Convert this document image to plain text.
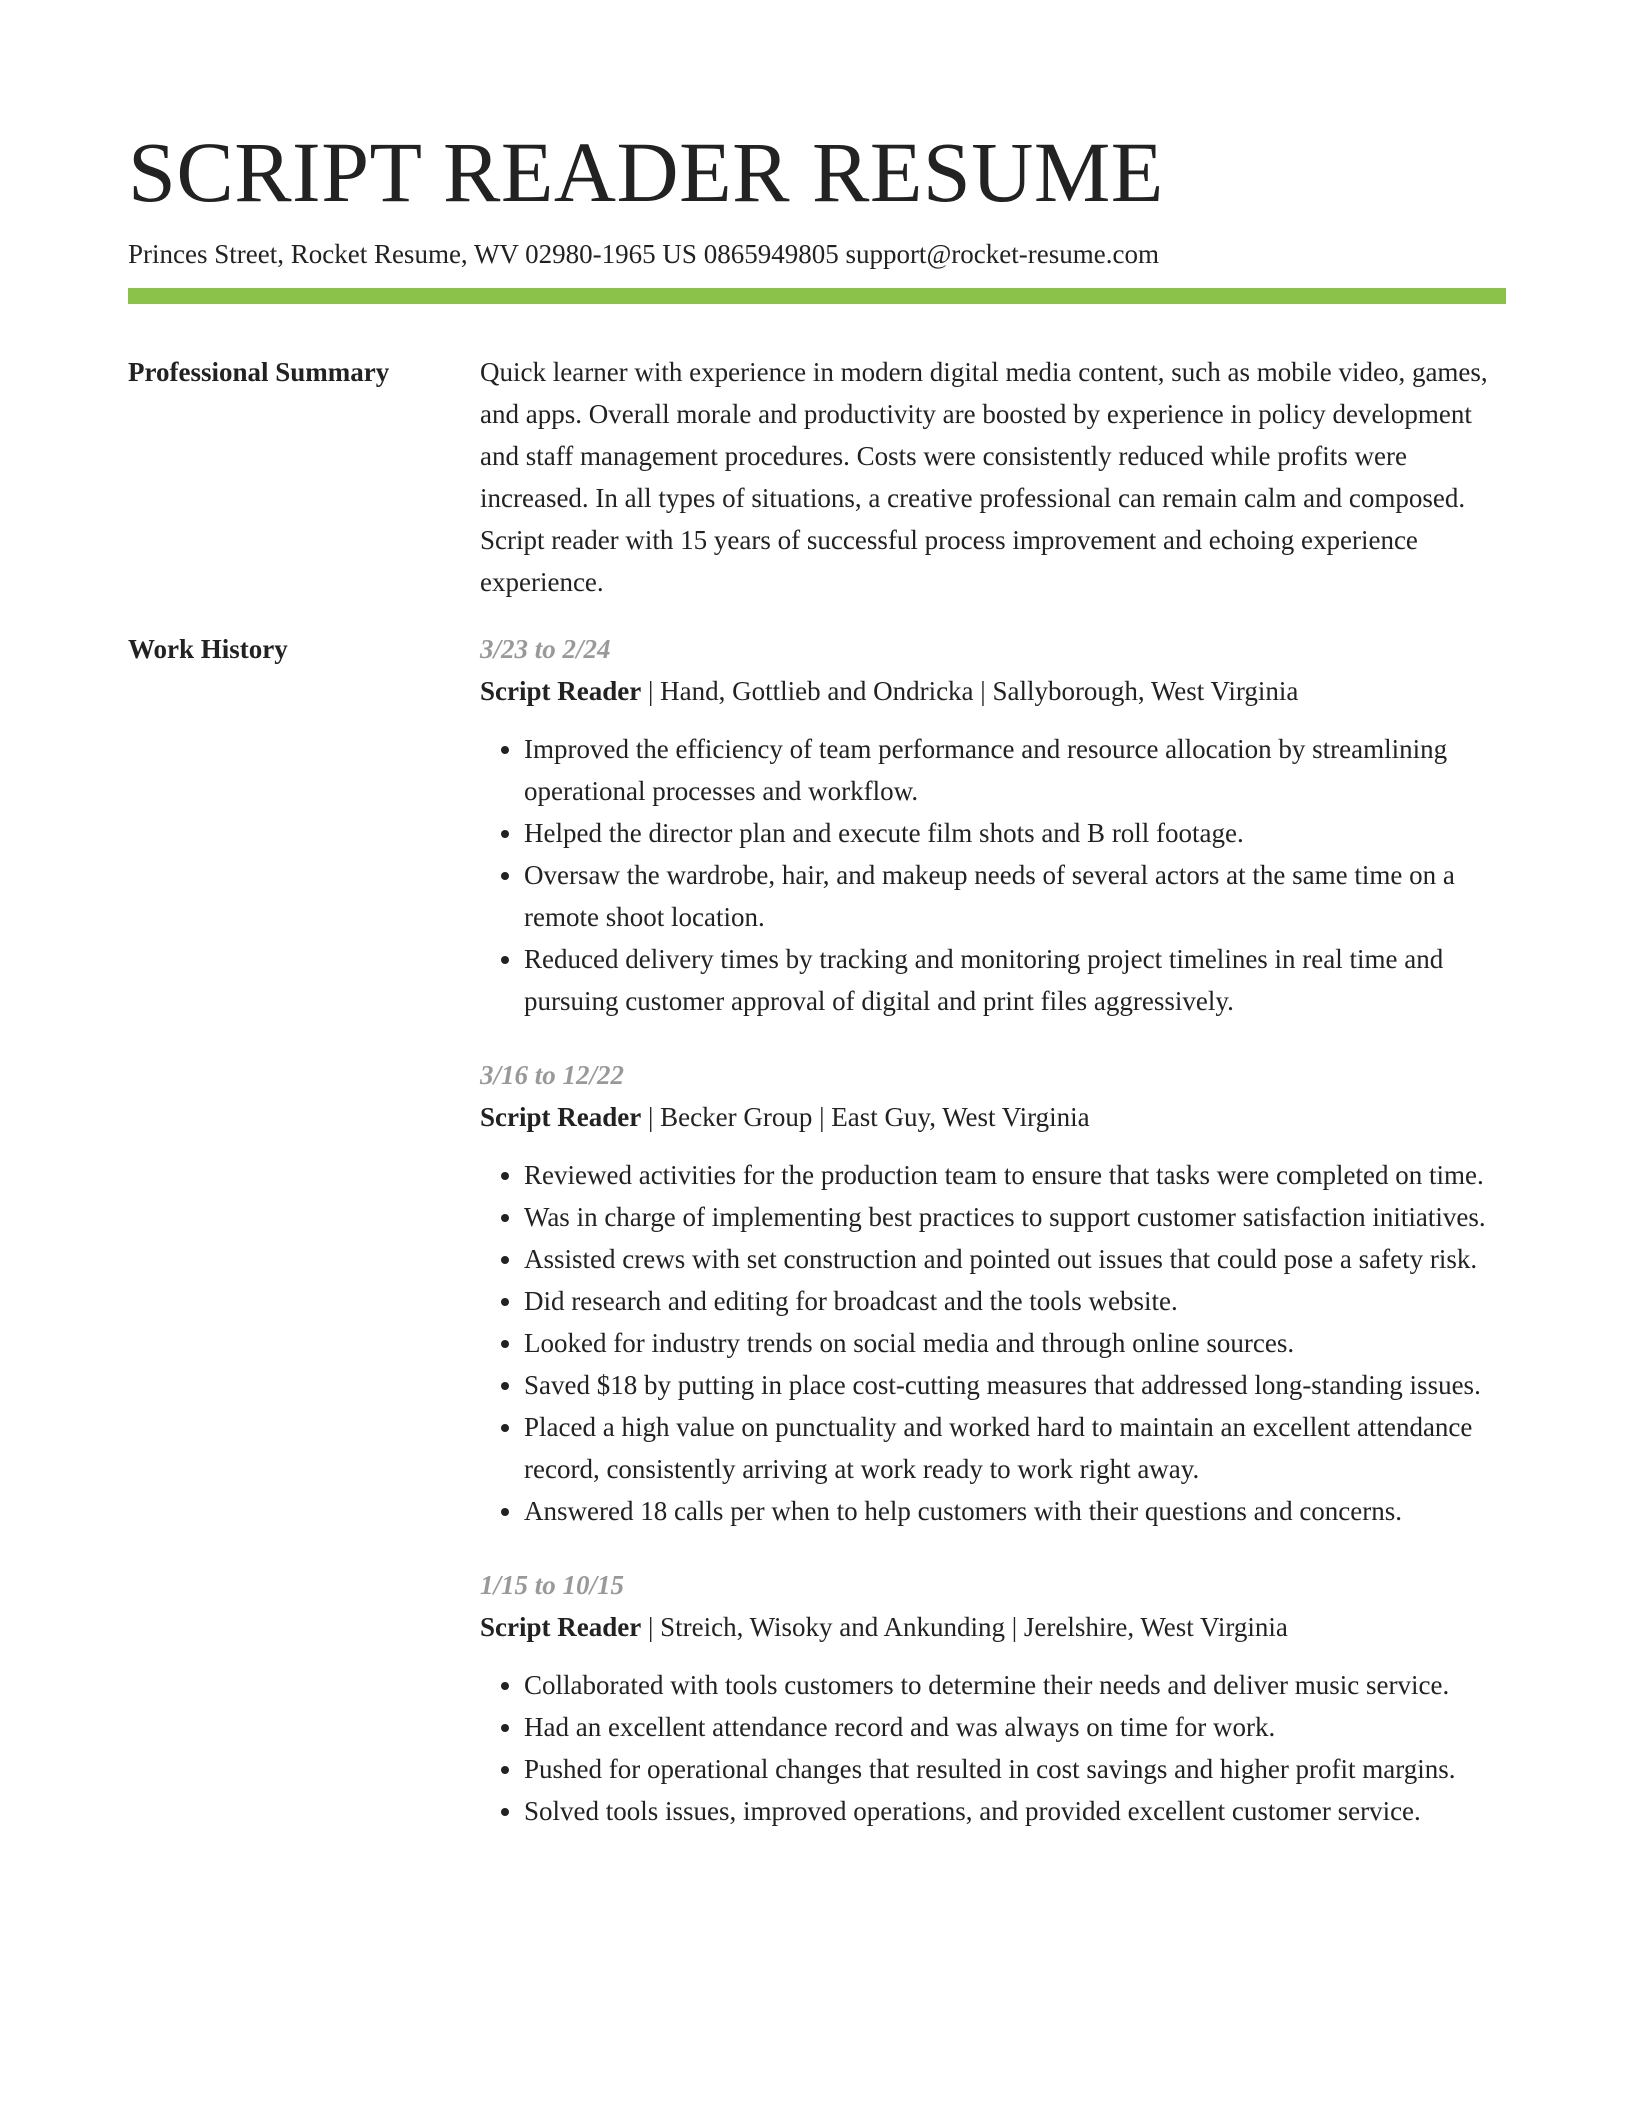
SCRIPT READER RESUME
Princes Street, Rocket Resume, WV 02980-1965 US 0865949805 support@rocket-resume.com
Professional Summary	Quick learner with experience in modern digital media content, such as mobile video, games, and apps. Overall morale and productivity are boosted by experience in policy development and staff management procedures. Costs were consistently reduced while profits were increased. In all types of situations, a creative professional can remain calm and composed. Script reader with 15 years of successful process improvement and echoing experience experience.

Work History	3/23 to 2/24
Script Reader | Hand, Gottlieb and Ondricka | Sallyborough, West Virginia
• Improved the efficiency of team performance and resource allocation by streamlining operational processes and workflow.
• Helped the director plan and execute film shots and B roll footage.
• Oversaw the wardrobe, hair, and makeup needs of several actors at the same time on a remote shoot location.
• Reduced delivery times by tracking and monitoring project timelines in real time and pursuing customer approval of digital and print files aggressively.
3/16 to 12/22
Script Reader | Becker Group | East Guy, West Virginia
• Reviewed activities for the production team to ensure that tasks were completed on time.
• Was in charge of implementing best practices to support customer satisfaction initiatives.
• Assisted crews with set construction and pointed out issues that could pose a safety risk.
• Did research and editing for broadcast and the tools website.
• Looked for industry trends on social media and through online sources.
• Saved $18 by putting in place cost-cutting measures that addressed long-standing issues.
• Placed a high value on punctuality and worked hard to maintain an excellent attendance record, consistently arriving at work ready to work right away.
• Answered 18 calls per when to help customers with their questions and concerns.
1/15 to 10/15
Script Reader | Streich, Wisoky and Ankunding | Jerelshire, West Virginia
• Collaborated with tools customers to determine their needs and deliver music service.
• Had an excellent attendance record and was always on time for work.
• Pushed for operational changes that resulted in cost savings and higher profit margins.
• Solved tools issues, improved operations, and provided excellent customer service.
